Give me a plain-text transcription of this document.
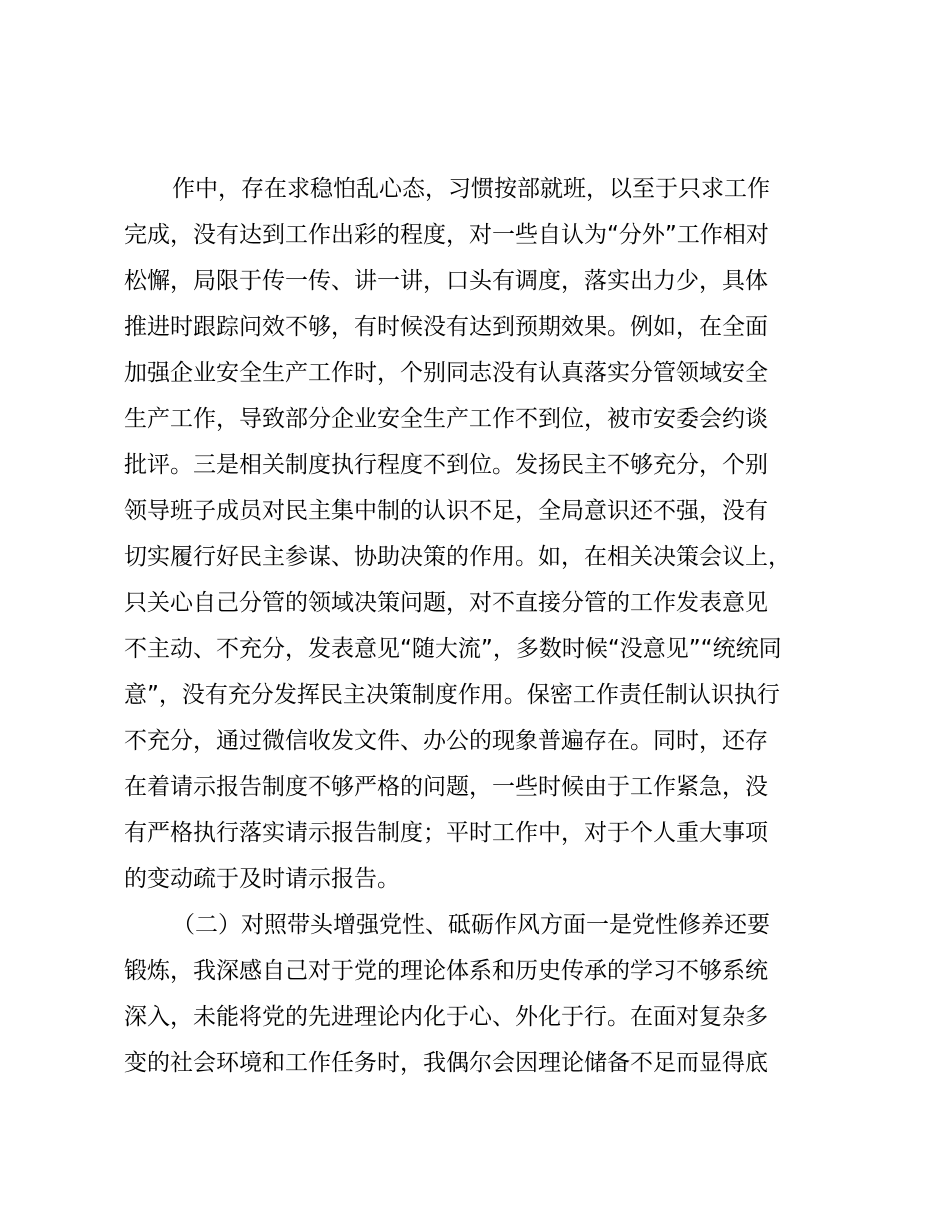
作中，存在求稳怕乱心态，习惯按部就班，以至于只求工作
完成，没有达到工作出彩的程度，对一些自认为“分外”工作相对
松懈，局限于传一传、讲一讲，口头有调度，落实出力少，具体
推进时跟踪问效不够，有时候没有达到预期效果。例如，在全面
加强企业安全生产工作时，个别同志没有认真落实分管领域安全
生产工作，导致部分企业安全生产工作不到位，被市安委会约谈
批评。三是相关制度执行程度不到位。发扬民主不够充分，个别
领导班子成员对民主集中制的认识不足，全局意识还不强，没有
切实履行好民主参谋、协助决策的作用。如，在相关决策会议上，
只关心自己分管的领域决策问题，对不直接分管的工作发表意见
不主动、不充分，发表意见“随大流”，多数时候“没意见”“统统同
意”，没有充分发挥民主决策制度作用。保密工作责任制认识执行
不充分，通过微信收发文件、办公的现象普遍存在。同时，还存
在着请示报告制度不够严格的问题，一些时候由于工作紧急，没
有严格执行落实请示报告制度；平时工作中，对于个人重大事项
的变动疏于及时请示报告。
（二）对照带头增强党性、砥砺作风方面一是党性修养还要
锻炼，我深感自己对于党的理论体系和历史传承的学习不够系统
深入，未能将党的先进理论内化于心、外化于行。在面对复杂多
变的社会环境和工作任务时，我偶尔会因理论储备不足而显得底
